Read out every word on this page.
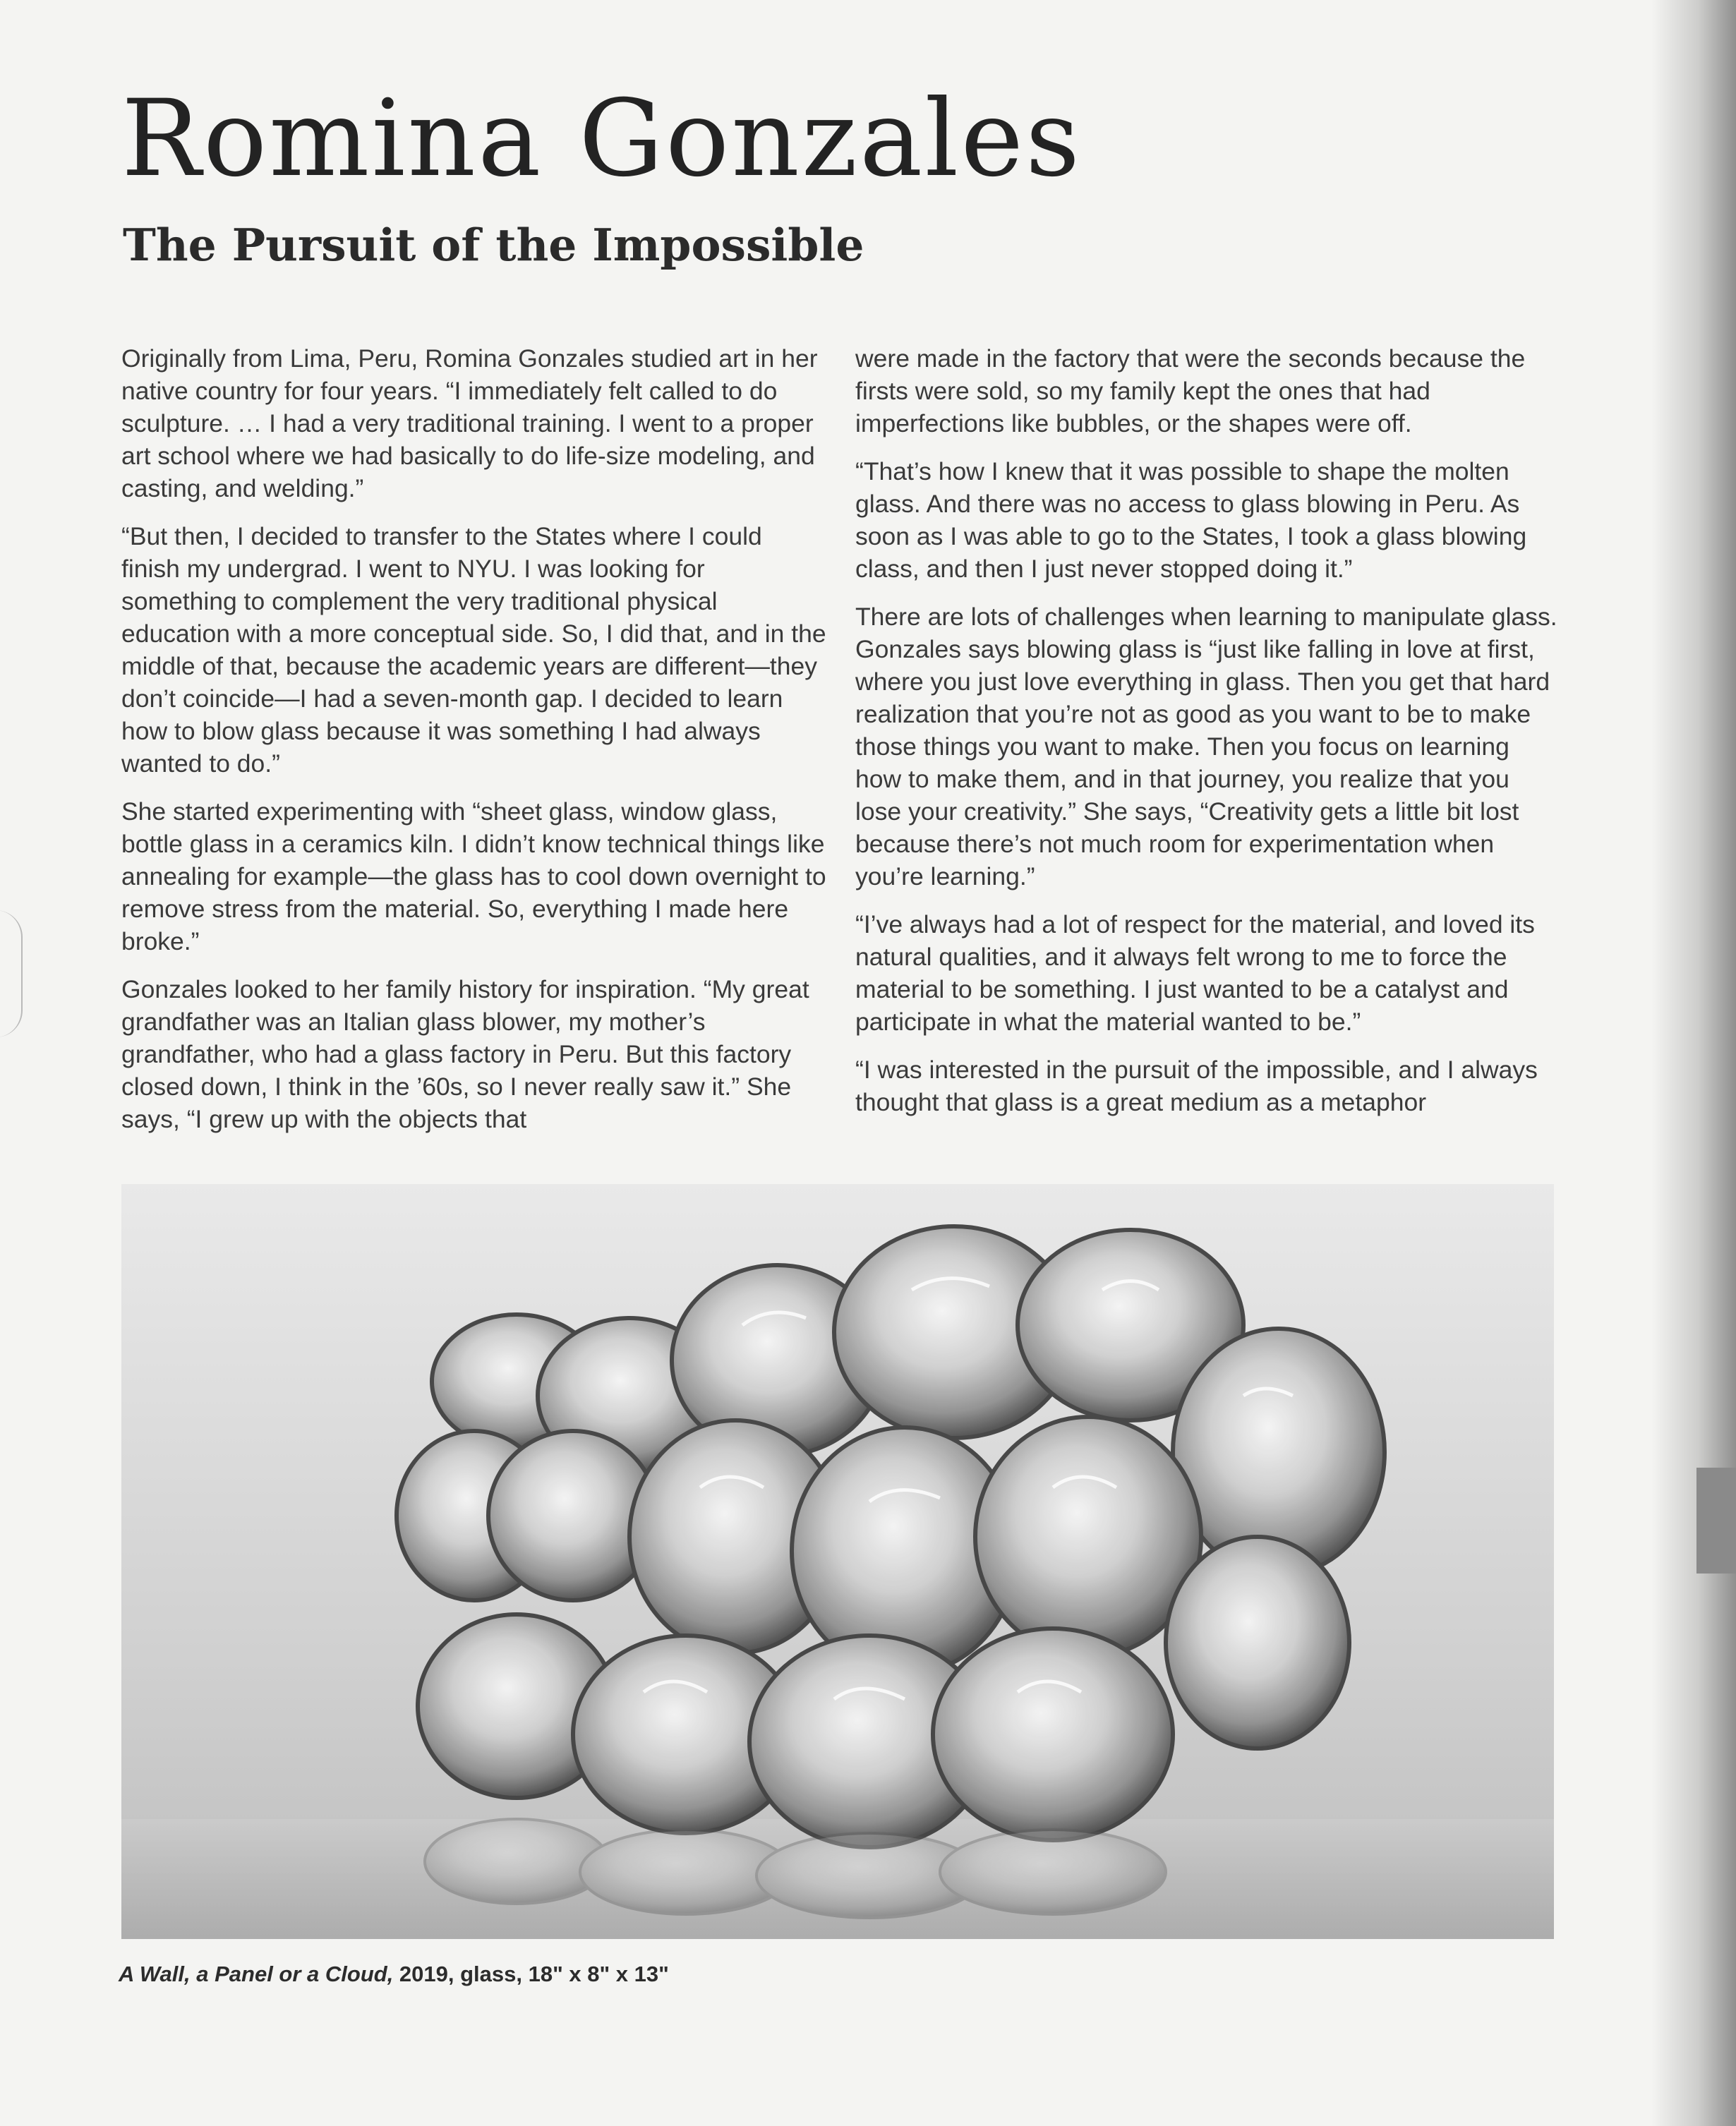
Romina Gonzales
The Pursuit of the Impossible

Originally from Lima, Peru, Romina Gonzales studied art in her native country for four years. “I immediately felt called to do sculpture. … I had a very traditional training. I went to a proper art school where we had basically to do life-size modeling, and casting, and welding.”

“But then, I decided to transfer to the States where I could finish my undergrad. I went to NYU. I was looking for something to complement the very traditional physical education with a more conceptual side. So, I did that, and in the middle of that, because the academic years are different—they don’t coincide—I had a seven-month gap. I decided to learn how to blow glass because it was something I had always wanted to do.”

She started experimenting with “sheet glass, window glass, bottle glass in a ceramics kiln. I didn’t know technical things like annealing for example—the glass has to cool down overnight to remove stress from the material. So, everything I made here broke.”

Gonzales looked to her family history for inspiration. “My great grandfather was an Italian glass blower, my mother’s grandfather, who had a glass factory in Peru. But this factory closed down, I think in the ’60s, so I never really saw it.” She says, “I grew up with the objects that

were made in the factory that were the seconds because the firsts were sold, so my family kept the ones that had imperfections like bubbles, or the shapes were off.

“That’s how I knew that it was possible to shape the molten glass. And there was no access to glass blowing in Peru. As soon as I was able to go to the States, I took a glass blowing class, and then I just never stopped doing it.”

There are lots of challenges when learning to manipulate glass. Gonzales says blowing glass is “just like falling in love at first, where you just love everything in glass. Then you get that hard realization that you’re not as good as you want to be to make those things you want to make. Then you focus on learning how to make them, and in that journey, you realize that you lose your creativity.” She says, “Creativity gets a little bit lost because there’s not much room for experimentation when you’re learning.”

“I’ve always had a lot of respect for the material, and loved its natural qualities, and it always felt wrong to me to force the material to be something. I just wanted to be a catalyst and participate in what the material wanted to be.”

“I was interested in the pursuit of the impossible, and I always thought that glass is a great medium as a metaphor

A Wall, a Panel or a Cloud, 2019, glass, 18" x 8" x 13"
